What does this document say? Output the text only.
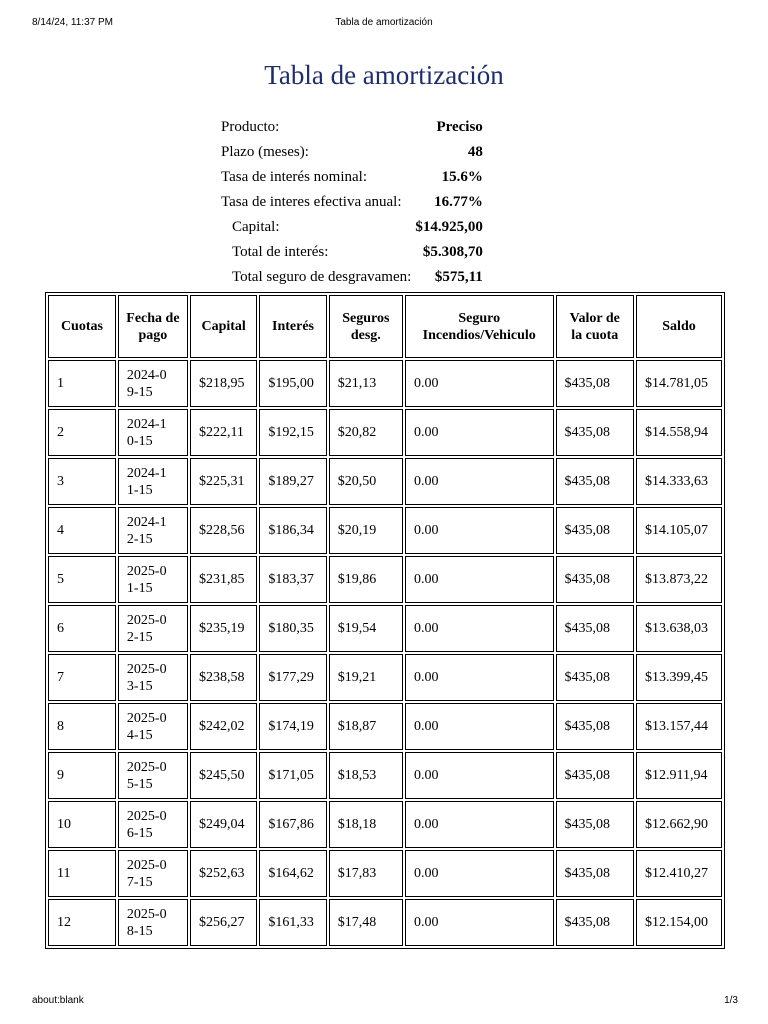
8/14/24, 11:37 PM	Tabla de amortización
Tabla de amortización
Producto:	Preciso
Plazo (meses):	48
Tasa de interés nominal:	15.6%
Tasa de interes efectiva anual:	16.77%
Capital:	$14.925,00
Total de interés:	$5.308,70
Total seguro de desgravamen:	$575,11
Cuotas	Fecha de pago	Capital	Interés	Seguros desg.	Seguro Incendios/Vehiculo	Valor de la cuota	Saldo
1	2024-09-15	$218,95	$195,00	$21,13	0.00	$435,08	$14.781,05
2	2024-10-15	$222,11	$192,15	$20,82	0.00	$435,08	$14.558,94
3	2024-11-15	$225,31	$189,27	$20,50	0.00	$435,08	$14.333,63
4	2024-12-15	$228,56	$186,34	$20,19	0.00	$435,08	$14.105,07
5	2025-01-15	$231,85	$183,37	$19,86	0.00	$435,08	$13.873,22
6	2025-02-15	$235,19	$180,35	$19,54	0.00	$435,08	$13.638,03
7	2025-03-15	$238,58	$177,29	$19,21	0.00	$435,08	$13.399,45
8	2025-04-15	$242,02	$174,19	$18,87	0.00	$435,08	$13.157,44
9	2025-05-15	$245,50	$171,05	$18,53	0.00	$435,08	$12.911,94
10	2025-06-15	$249,04	$167,86	$18,18	0.00	$435,08	$12.662,90
11	2025-07-15	$252,63	$164,62	$17,83	0.00	$435,08	$12.410,27
12	2025-08-15	$256,27	$161,33	$17,48	0.00	$435,08	$12.154,00
about:blank	1/3
